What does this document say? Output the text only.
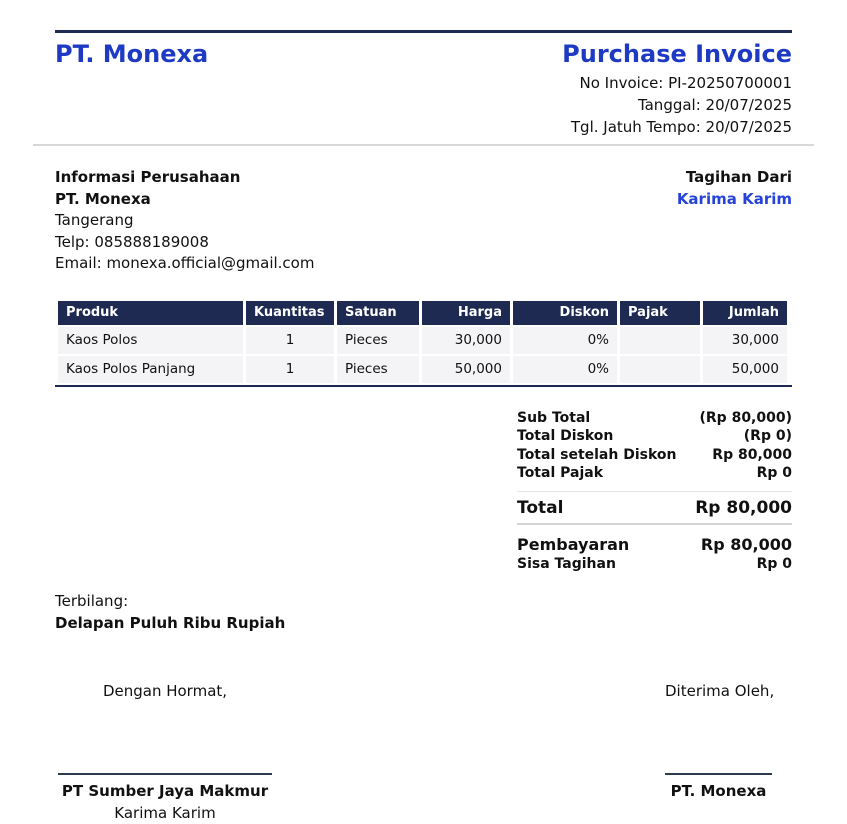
PT. Monexa	Purchase Invoice
No Invoice: PI-20250700001
Tanggal: 20/07/2025
Tgl. Jatuh Tempo: 20/07/2025
Informasi Perusahaan
PT. Monexa
Tangerang
Telp: 085888189008
Email: monexa.official@gmail.com
Tagihan Dari
Karima Karim
Produk	Kuantitas	Satuan	Harga	Diskon	Pajak	Jumlah
Kaos Polos	1	Pieces	30,000	0%		30,000
Kaos Polos Panjang	1	Pieces	50,000	0%		50,000
Sub Total	(Rp 80,000)
Total Diskon	(Rp 0)
Total setelah Diskon	Rp 80,000
Total Pajak	Rp 0
Total	Rp 80,000
Pembayaran	Rp 80,000
Sisa Tagihan	Rp 0
Terbilang:
Delapan Puluh Ribu Rupiah
Dengan Hormat,
PT Sumber Jaya Makmur
Karima Karim
Diterima Oleh,
PT. Monexa
